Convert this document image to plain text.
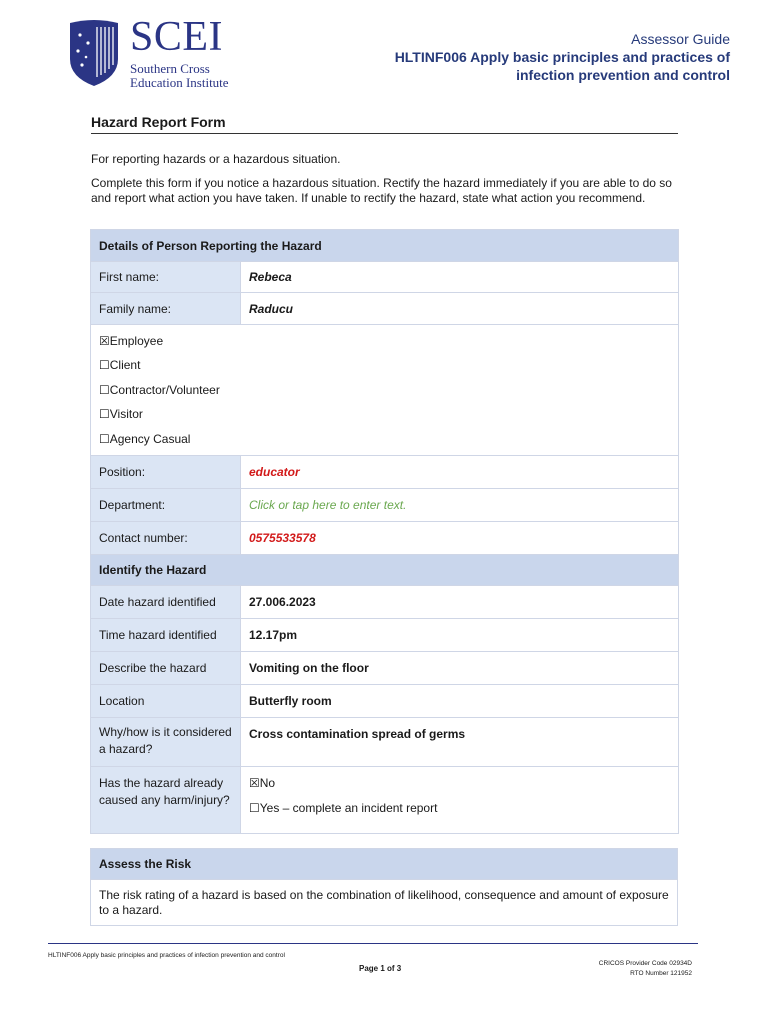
SCEI
Southern Cross
Education Institute
Assessor Guide
HLTINF006 Apply basic principles and practices of
infection prevention and control
Hazard Report Form
For reporting hazards or a hazardous situation.
Complete this form if you notice a hazardous situation. Rectify the hazard immediately if you are able to do so and report what action you have taken. If unable to rectify the hazard, state what action you recommend.
Details of Person Reporting the Hazard	
First name:	Rebeca
Family name:	Raducu

☒Employee
☐Client
☐Contractor/Volunteer
☐Visitor
☐Agency Casual	

Position:	educator
Department:	Click or tap here to enter text.
Contact number:	0575533578
Identify the Hazard	
Date hazard identified	27.006.2023
Time hazard identified	12.17pm
Describe the hazard	Vomiting on the floor
Location	Butterfly room
Why/how is it considered a hazard?	Cross contamination spread of germs
Has the hazard already caused any harm/injury?	☒No
☐Yes – complete an incident report
Assess the Risk
The risk rating of a hazard is based on the combination of likelihood, consequence and amount of exposure to a hazard.
HLTINF006 Apply basic principles and practices of infection prevention and control
Page 1 of 3
CRICOS Provider Code 02934D
RTO Number 121952
